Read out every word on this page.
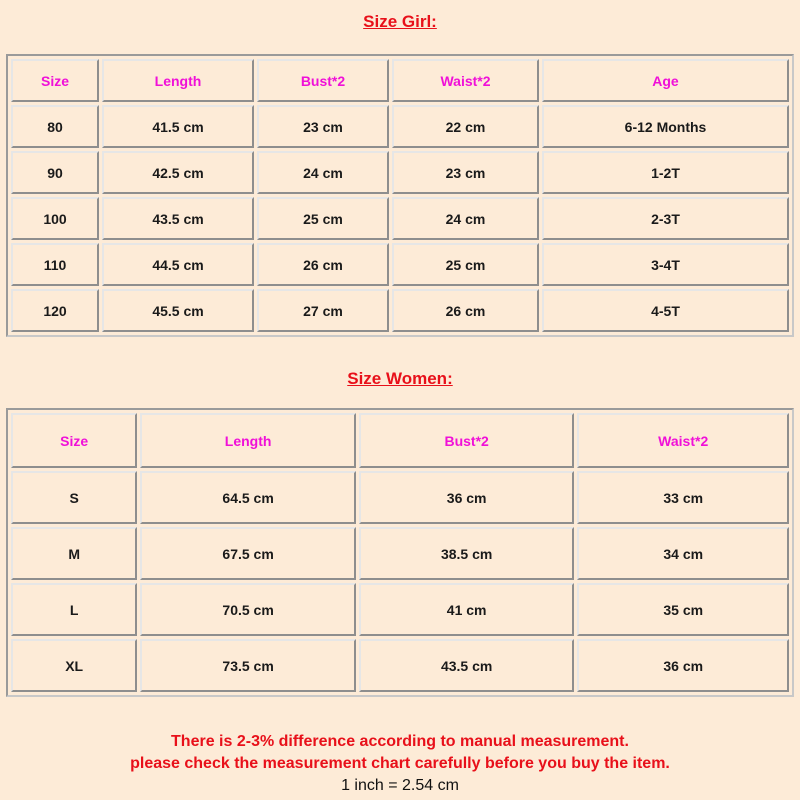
Size Girl:
Size	Length	Bust*2	Waist*2	Age
80	41.5 cm	23 cm	22 cm	6-12 Months
90	42.5 cm	24 cm	23 cm	1-2T
100	43.5 cm	25 cm	24 cm	2-3T
110	44.5 cm	26 cm	25 cm	3-4T
120	45.5 cm	27 cm	26 cm	4-5T
Size Women:
Size	Length	Bust*2	Waist*2
S	64.5 cm	36 cm	33 cm
M	67.5 cm	38.5 cm	34 cm
L	70.5 cm	41 cm	35 cm
XL	73.5 cm	43.5 cm	36 cm
There is 2-3% difference according to manual measurement.
please check the measurement chart carefully before you buy the item.
1 inch = 2.54 cm
